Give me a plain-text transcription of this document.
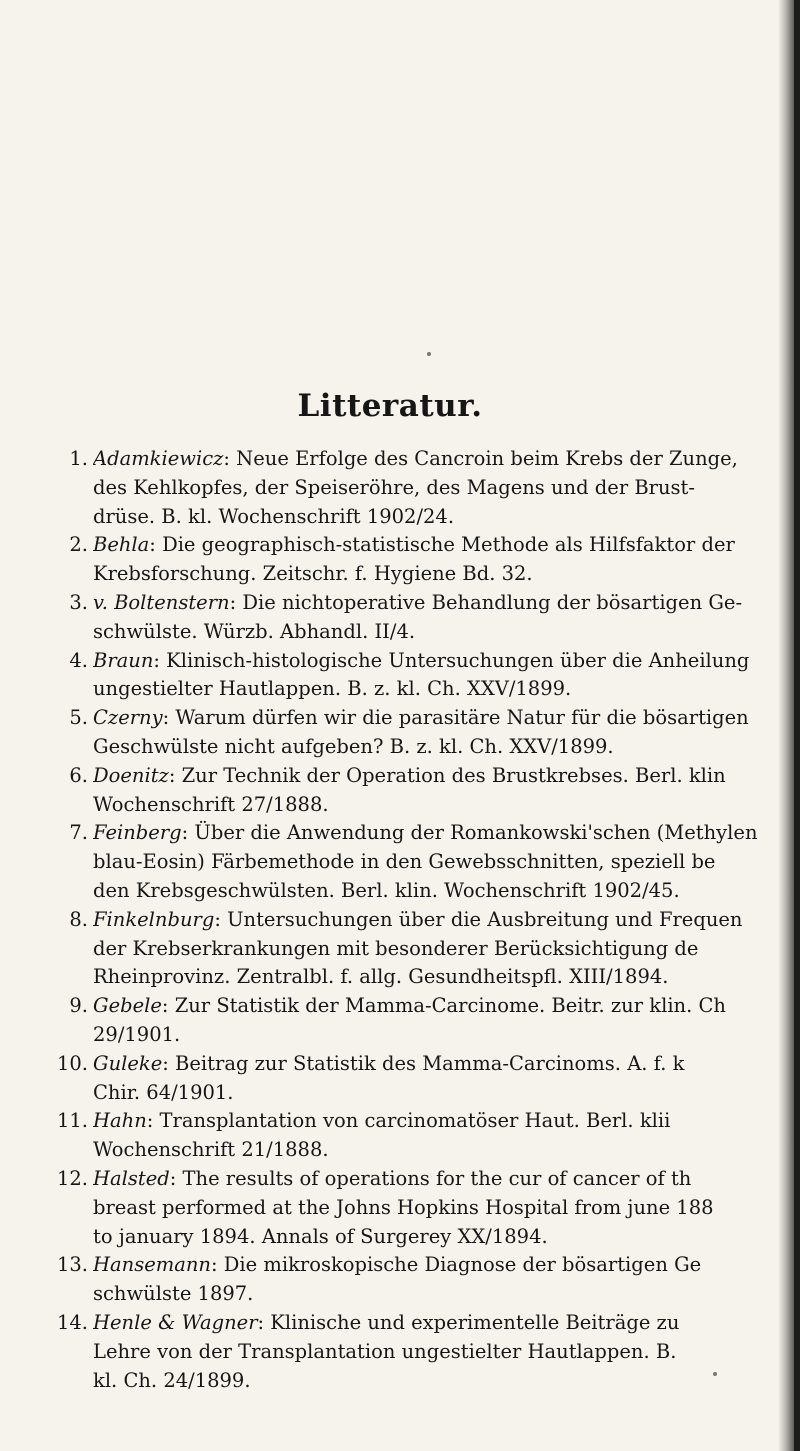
Litteratur.
1. Adamkiewicz: Neue Erfolge des Cancroin beim Krebs der Zunge,
des Kehlkopfes, der Speiseröhre, des Magens und der Brust-
drüse. B. kl. Wochenschrift 1902/24.
2. Behla: Die geographisch-statistische Methode als Hilfsfaktor der
Krebsforschung. Zeitschr. f. Hygiene Bd. 32.
3. v. Boltenstern: Die nichtoperative Behandlung der bösartigen Ge-
schwülste. Würzb. Abhandl. II/4.
4. Braun: Klinisch-histologische Untersuchungen über die Anheilung
ungestielter Hautlappen. B. z. kl. Ch. XXV/1899.
5. Czerny: Warum dürfen wir die parasitäre Natur für die bösartigen
Geschwülste nicht aufgeben? B. z. kl. Ch. XXV/1899.
6. Doenitz: Zur Technik der Operation des Brustkrebses. Berl. klin
Wochenschrift 27/1888.
7. Feinberg: Über die Anwendung der Romankowski'schen (Methylen
blau-Eosin) Färbemethode in den Gewebsschnitten, speziell be
den Krebsgeschwülsten. Berl. klin. Wochenschrift 1902/45.
8. Finkelnburg: Untersuchungen über die Ausbreitung und Frequen
der Krebserkrankungen mit besonderer Berücksichtigung de
Rheinprovinz. Zentralbl. f. allg. Gesundheitspfl. XIII/1894.
9. Gebele: Zur Statistik der Mamma-Carcinome. Beitr. zur klin. Ch
29/1901.
10. Guleke: Beitrag zur Statistik des Mamma-Carcinoms. A. f. k
Chir. 64/1901.
11. Hahn: Transplantation von carcinomatöser Haut. Berl. klii
Wochenschrift 21/1888.
12. Halsted: The results of operations for the cur of cancer of th
breast performed at the Johns Hopkins Hospital from june 188
to january 1894. Annals of Surgerey XX/1894.
13. Hansemann: Die mikroskopische Diagnose der bösartigen Ge
schwülste 1897.
14. Henle & Wagner: Klinische und experimentelle Beiträge zu
Lehre von der Transplantation ungestielter Hautlappen. B.
kl. Ch. 24/1899.
